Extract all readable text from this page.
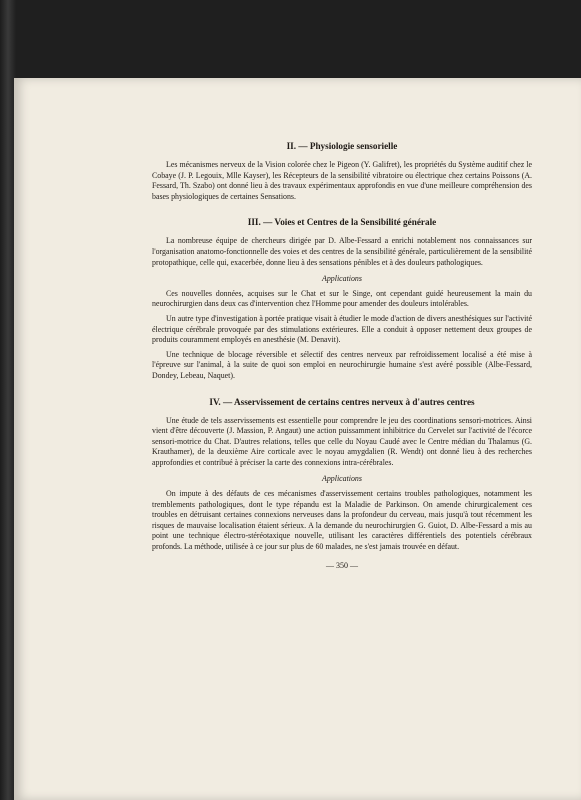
II. — Physiologie sensorielle

Les mécanismes nerveux de la Vision colorée chez le Pigeon (Y. Galifret), les propriétés du Système auditif chez le Cobaye (J. P. Legouix, Mlle Kayser), les Récepteurs de la sensibilité vibratoire ou électrique chez certains Poissons (A. Fessard, Th. Szabo) ont donné lieu à des travaux expérimentaux approfondis en vue d'une meilleure compréhension des bases physiologiques de certaines Sensations.

III. — Voies et Centres de la Sensibilité générale

La nombreuse équipe de chercheurs dirigée par D. Albe-Fessard a enrichi notablement nos connaissances sur l'organisation anatomo-fonctionnelle des voies et des centres de la sensibilité générale, particulièrement de la sensibilité protopathique, celle qui, exacerbée, donne lieu à des sensations pénibles et à des douleurs pathologiques.

Applications

Ces nouvelles données, acquises sur le Chat et sur le Singe, ont cependant guidé heureusement la main du neurochirurgien dans deux cas d'intervention chez l'Homme pour amender des douleurs intolérables.

Un autre type d'investigation à portée pratique visait à étudier le mode d'action de divers anesthésiques sur l'activité électrique cérébrale provoquée par des stimulations extérieures. Elle a conduit à opposer nettement deux groupes de produits couramment employés en anesthésie (M. Denavit).

Une technique de blocage réversible et sélectif des centres nerveux par refroidissement localisé a été mise à l'épreuve sur l'animal, à la suite de quoi son emploi en neurochirurgie humaine s'est avéré possible (Albe-Fessard, Dondey, Lebeau, Naquet).

IV. — Asservissement de certains centres nerveux à d'autres centres

Une étude de tels asservissements est essentielle pour comprendre le jeu des coordinations sensori-motrices. Ainsi vient d'être découverte (J. Massion, P. Angaut) une action puissamment inhibitrice du Cervelet sur l'activité de l'écorce sensori-motrice du Chat. D'autres relations, telles que celle du Noyau Caudé avec le Centre médian du Thalamus (G. Krauthamer), de la deuxième Aire corticale avec le noyau amygdalien (R. Wendt) ont donné lieu à des recherches approfondies et contribué à préciser la carte des connexions intra-cérébrales.

Applications

On impute à des défauts de ces mécanismes d'asservissement certains troubles pathologiques, notamment les tremblements pathologiques, dont le type répandu est la Maladie de Parkinson. On amende chirurgicalement ces troubles en détruisant certaines connexions nerveuses dans la profondeur du cerveau, mais jusqu'à tout récemment les risques de mauvaise localisation étaient sérieux. A la demande du neurochirurgien G. Guiot, D. Albe-Fessard a mis au point une technique électro-stéréotaxique nouvelle, utilisant les caractères différentiels des potentiels cérébraux profonds. La méthode, utilisée à ce jour sur plus de 60 malades, ne s'est jamais trouvée en défaut.

— 350 —
